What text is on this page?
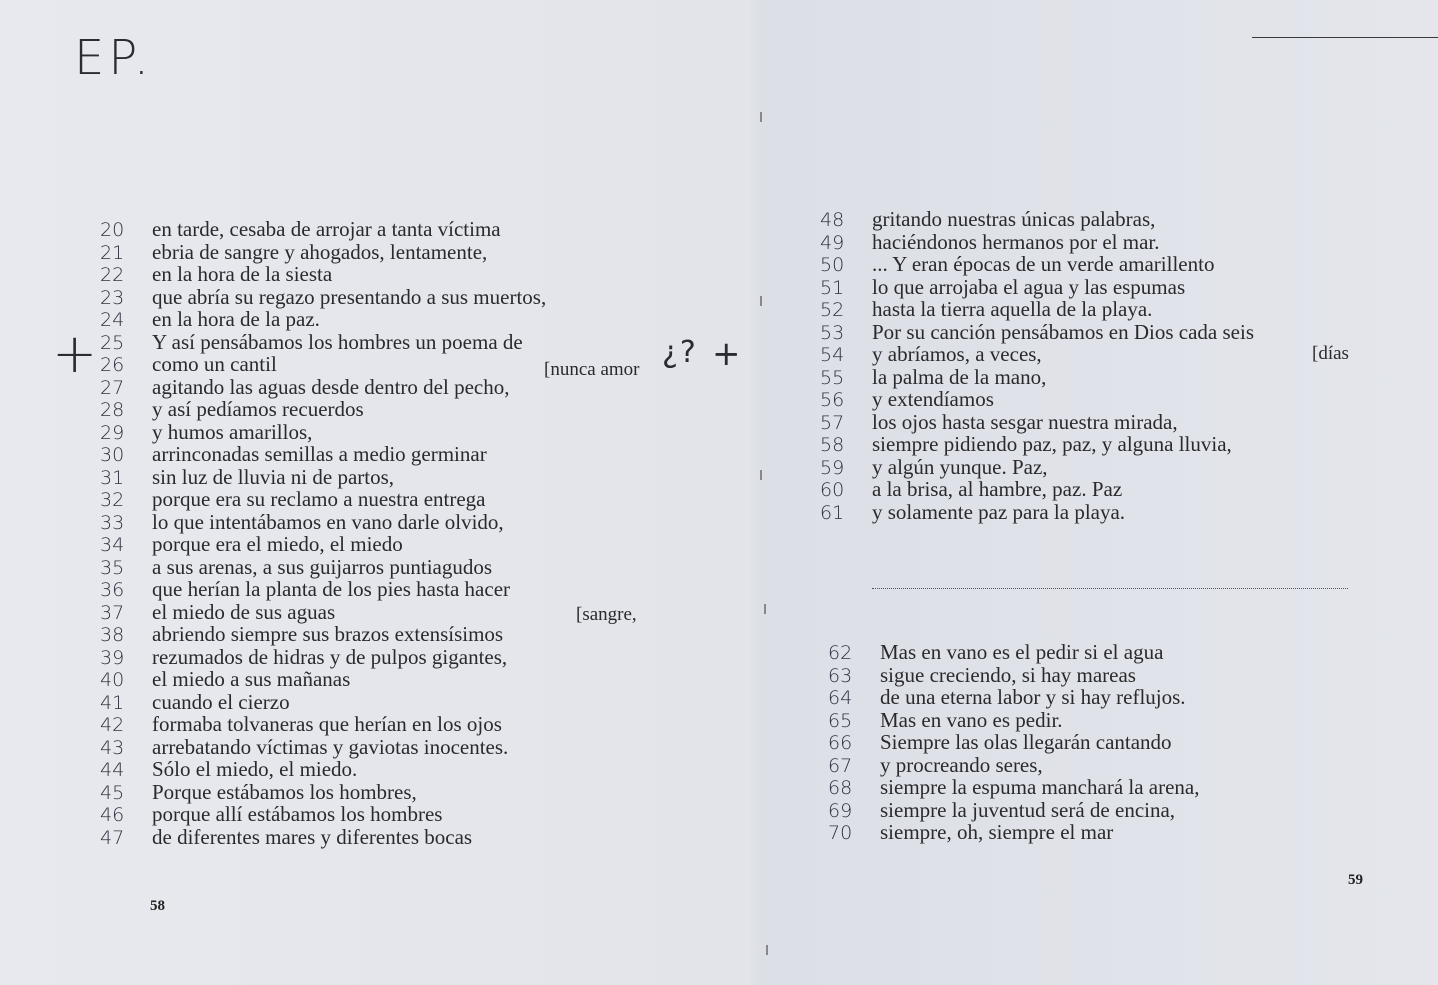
EP.
+	¿? +
20 en tarde, cesaba de arrojar a tanta víctima
21 ebria de sangre y ahogados, lentamente,
22 en la hora de la siesta
23 que abría su regazo presentando a sus muertos,
24 en la hora de la paz.
25 Y así pensábamos los hombres un poema de
26 como un cantil
27 agitando las aguas desde dentro del pecho,
28 y así pedíamos recuerdos
29 y humos amarillos,
30 arrinconadas semillas a medio germinar
31 sin luz de lluvia ni de partos,
32 porque era su reclamo a nuestra entrega
33 lo que intentábamos en vano darle olvido,
34 porque era el miedo, el miedo
35 a sus arenas, a sus guijarros puntiagudos
36 que herían la planta de los pies hasta hacer
37 el miedo de sus aguas
38 abriendo siempre sus brazos extensísimos
39 rezumados de hidras y de pulpos gigantes,
40 el miedo a sus mañanas
41 cuando el cierzo
42 formaba tolvaneras que herían en los ojos
43 arrebatando víctimas y gaviotas inocentes.
44 Sólo el miedo, el miedo.
45 Porque estábamos los hombres,
46 porque allí estábamos los hombres
47 de diferentes mares y diferentes bocas
[nunca amor
[sangre,
58
48 gritando nuestras únicas palabras,
49 haciéndonos hermanos por el mar.
50 ... Y eran épocas de un verde amarillento
51 lo que arrojaba el agua y las espumas
52 hasta la tierra aquella de la playa.
53 Por su canción pensábamos en Dios cada seis
54 y abríamos, a veces,
55 la palma de la mano,
56 y extendíamos
57 los ojos hasta sesgar nuestra mirada,
58 siempre pidiendo paz, paz, y alguna lluvia,
59 y algún yunque. Paz,
60 a la brisa, al hambre, paz. Paz
61 y solamente paz para la playa.
[días
62 Mas en vano es el pedir si el agua
63 sigue creciendo, si hay mareas
64 de una eterna labor y si hay reflujos.
65 Mas en vano es pedir.
66 Siempre las olas llegarán cantando
67 y procreando seres,
68 siempre la espuma manchará la arena,
69 siempre la juventud será de encina,
70 siempre, oh, siempre el mar
59
